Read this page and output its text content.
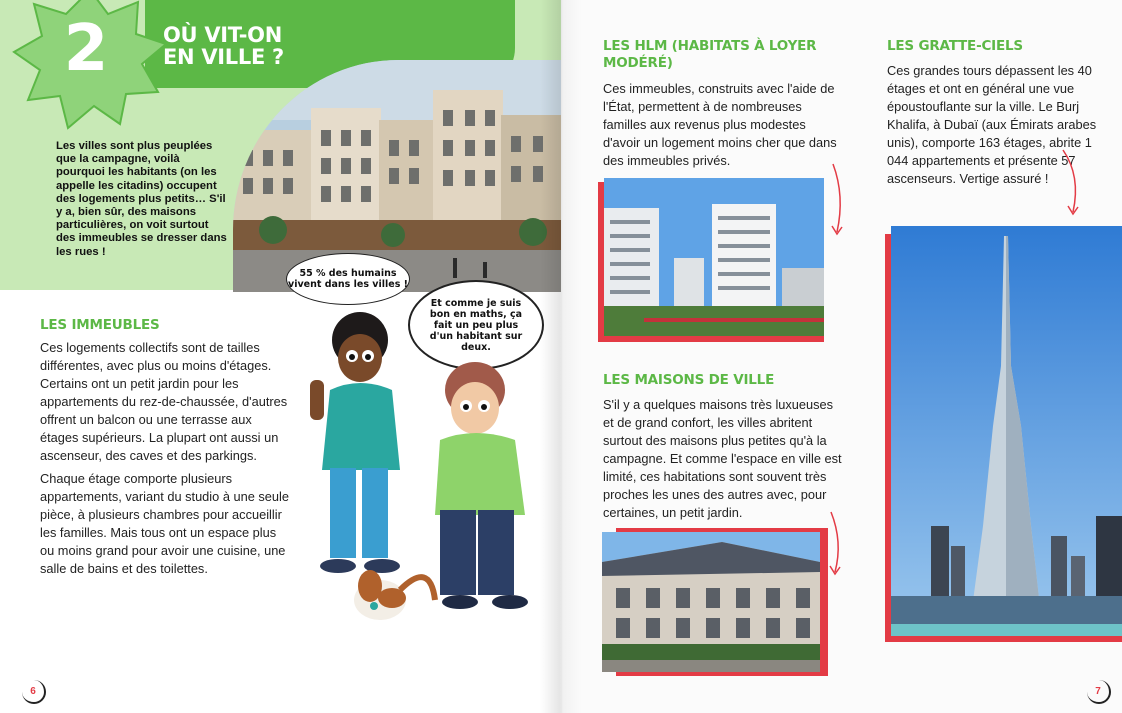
2	OÙ VIT-ON
EN VILLE ?
Les villes sont plus peuplées que la campagne, voilà pourquoi les habitants (on les appelle les citadins) occupent des logements plus petits… S'il y a, bien sûr, des maisons particulières, on voit surtout des immeubles se dresser dans les rues !
LES IMMEUBLES

Ces logements collectifs sont de tailles différentes, avec plus ou moins d'étages. Certains ont un petit jardin pour les appartements du rez-de-chaussée, d'autres offrent un balcon ou une terrasse aux étages supérieurs. La plupart ont aussi un ascenseur, des caves et des parkings.

Chaque étage comporte plusieurs appartements, variant du studio à une seule pièce, à plusieurs chambres pour accueillir les familles. Mais tous ont un espace plus ou moins grand pour avoir une cuisine, une salle de bains et des toilettes.

55 % des humains vivent dans les villes !
Et comme je suis bon en maths, ça fait un peu plus d'un habitant sur deux.
6
LES HLM (HABITATS À LOYER
MODÉRÉ)
Ces immeubles, construits avec l'aide de l'État, permettent à de nombreuses familles aux revenus plus modestes d'avoir un logement moins cher que dans des immeubles privés.
LES MAISONS DE VILLE
S'il y a quelques maisons très luxueuses et de grand confort, les villes abritent surtout des maisons plus petites qu'à la campagne. Et comme l'espace en ville est limité, ces habitations sont souvent très proches les unes des autres avec, pour certaines, un petit jardin.
LES GRATTE-CIELS
Ces grandes tours dépassent les 40 étages et ont en général une vue époustouflante sur la ville. Le Burj Khalifa, à Dubaï (aux Émirats arabes unis), comporte 163 étages, abrite 1 044 appartements et présente 57 ascenseurs. Vertige assuré !
7
